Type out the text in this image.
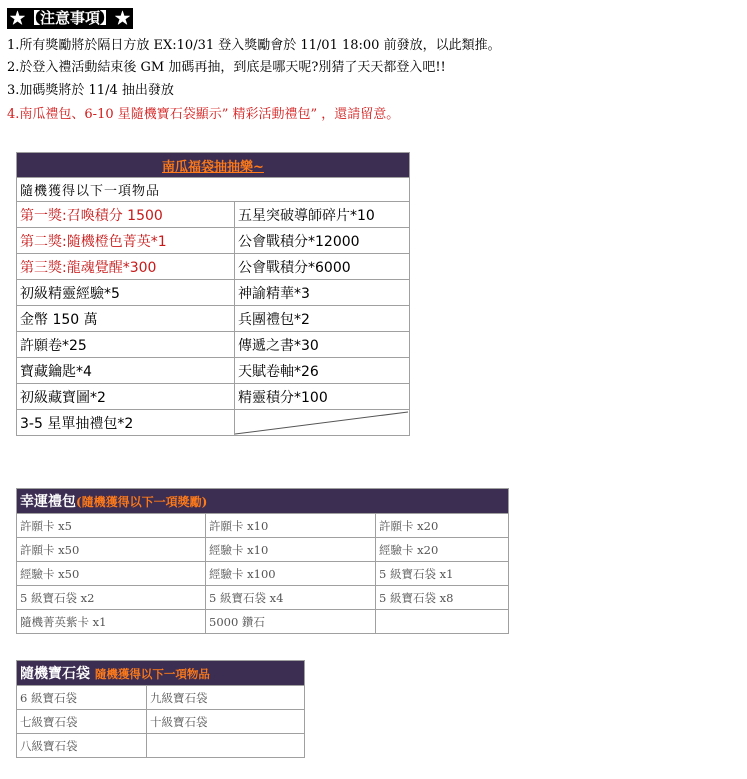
★【注意事項】★
1.所有獎勵將於隔日方放 EX:10/31 登入獎勵會於 11/01 18:00 前發放，以此類推。
2.於登入禮活動結束後 GM 加碼再抽，到底是哪天呢?別猜了天天都登入吧!!
3.加碼獎將於 11/4 抽出發放
4.南瓜禮包、6-10 星隨機寶石袋顯示” 精彩活動禮包” ，還請留意。
南瓜福袋抽抽樂~	
隨機獲得以下一項物品	
第一獎:召喚積分 1500	五星突破導師碎片*10
第二獎:隨機橙色菁英*1	公會戰積分*12000
第三獎:龍魂覺醒*300	公會戰積分*6000
初級精靈經驗*5	神諭精華*3
金幣 150 萬	兵團禮包*2
許願卷*25	傳遞之書*30
寶藏鑰匙*4	天賦卷軸*26
初級藏寶圖*2	精靈積分*100
3-5 星單抽禮包*2	
幸運禮包(隨機獲得以下一項獎勵)		
許願卡 x5	許願卡 x10	許願卡 x20
許願卡 x50	經驗卡 x10	經驗卡 x20
經驗卡 x50	經驗卡 x100	5 級寶石袋 x1
5 級寶石袋 x2	5 級寶石袋 x4	5 級寶石袋 x8
隨機菁英紫卡 x1	5000 鑽石	
隨機寶石袋 隨機獲得以下一項物品	
6 級寶石袋	九級寶石袋
七級寶石袋	十級寶石袋
八級寶石袋	
